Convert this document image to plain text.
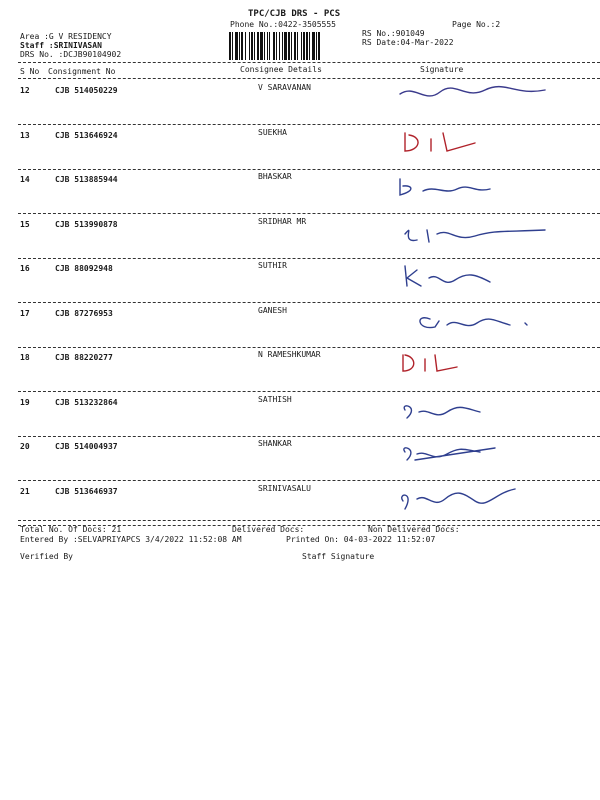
TPC/CJB DRS - PCS
Phone No.:0422-3505555	Page No.:2
Area :G V RESIDENCY
Staff :SRINIVASAN
DRS No. :DCJB90104902
RS No.:901049
RS Date:04-Mar-2022
S No Consignment No	Consignee Details	Signature
12	CJB 514050229	V SARAVANAN
13	CJB 513646924	SUEKHA
14	CJB 513885944	BHASKAR
15	CJB 513990878	SRIDHAR MR
16	CJB 88092948	SUTHIR
17	CJB 87276953	GANESH
18	CJB 88220277	N RAMESHKUMAR
19	CJB 513232864	SATHISH
20	CJB 514004937	SHANKAR
21	CJB 513646937	SRINIVASALU
Total No. Of Docs: 21	Delivered Docs:	Non Delivered Docs:
Entered By :SELVAPRIYAPCS 3/4/2022 11:52:08 AM	Printed On: 04-03-2022 11:52:07
Verified By	Staff Signature
